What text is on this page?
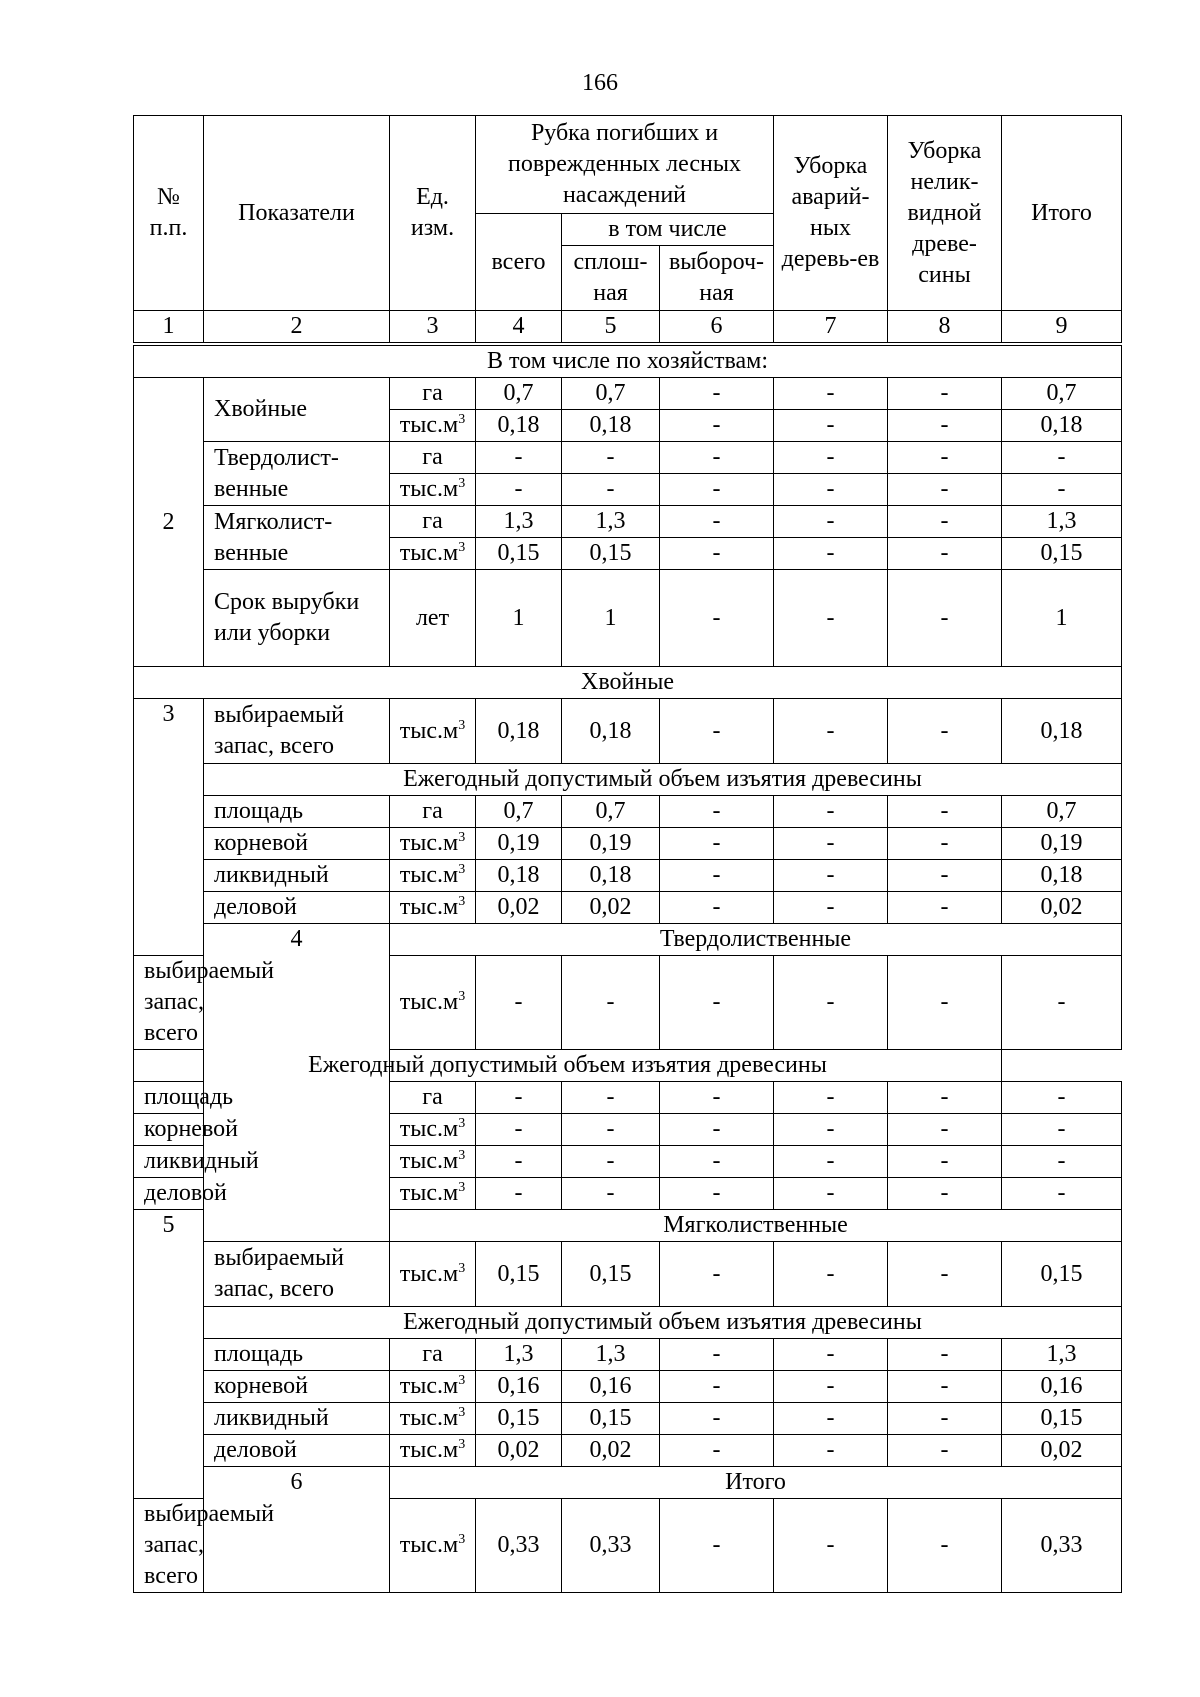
166
№ п.п.	Показатели	Ед. изм.	Рубка погибших и поврежденных лесных насаждений			Уборка аварий-ных деревь-ев	Уборка нелик-видной древе-сины	Итого
			всего	в том числе				
				сплош-ная	выбороч-ная			
1	2	3	4	5	6	7	8	9
В том числе по хозяйствам:								
2	Хвойные	га	0,7	0,7	-	-	-	0,7
		$тыс.м^3$	0,18	0,18	-	-	-	0,18
	Твердолист-венные	га	-	-	-	-	-	-
		$тыс.м^3$	-	-	-	-	-	-
	Мягколист-венные	га	1,3	1,3	-	-	-	1,3
		$тыс.м^3$	0,15	0,15	-	-	-	0,15
	Срок вырубки или уборки	лет	1	1	-	-	-	1
Хвойные								
3	выбираемый запас, всего	$тыс.м^3$	0,18	0,18	-	-	-	0,18
	Ежегодный допустимый объем изъятия древесины							
	площадь	га	0,7	0,7	-	-	-	0,7
	корневой	$тыс.м^3$	0,19	0,19	-	-	-	0,19
	ликвидный	$тыс.м^3$	0,18	0,18	-	-	-	0,18
	деловой	$тыс.м^3$	0,02	0,02	-	-	-	0,02
	4	Твердолиственные						
выбираемый запас, всего		$тыс.м^3$	-	-	-	-	-	-
Ежегодный допустимый объем изъятия древесины								
площадь		га	-	-	-	-	-	-
корневой		$тыс.м^3$	-	-	-	-	-	-
ликвидный		$тыс.м^3$	-	-	-	-	-	-
деловой		$тыс.м^3$	-	-	-	-	-	-
5		Мягколиственные						
	выбираемый запас, всего	$тыс.м^3$	0,15	0,15	-	-	-	0,15
	Ежегодный допустимый объем изъятия древесины							
	площадь	га	1,3	1,3	-	-	-	1,3
	корневой	$тыс.м^3$	0,16	0,16	-	-	-	0,16
	ликвидный	$тыс.м^3$	0,15	0,15	-	-	-	0,15
	деловой	$тыс.м^3$	0,02	0,02	-	-	-	0,02
	6	Итого						
выбираемый запас, всего		$тыс.м^3$	0,33	0,33	-	-	-	0,33
